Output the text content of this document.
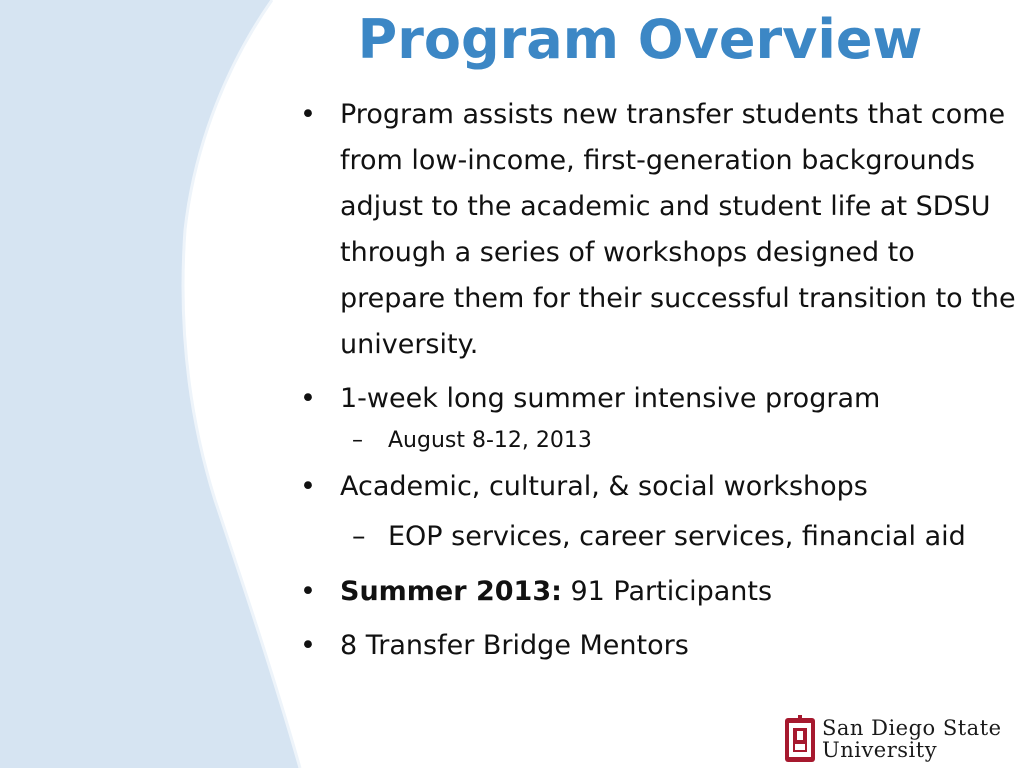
Program Overview
• Program assists new transfer students that come from low-income, first-generation backgrounds adjust to the academic and student life at SDSU through a series of workshops designed to prepare them for their successful transition to the university.
• 1-week long summer intensive program
– August 8-12, 2013
• Academic, cultural, & social workshops
– EOP services, career services, financial aid
• Summer 2013: 91 Participants
• 8 Transfer Bridge Mentors
San Diego State
University
